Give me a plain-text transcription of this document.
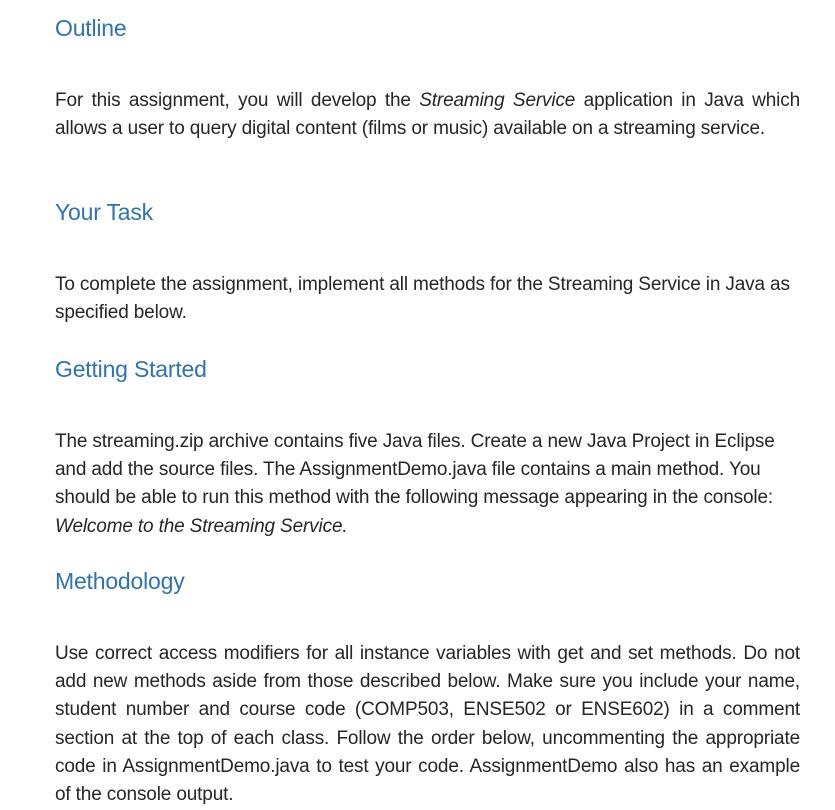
Outline

For this assignment, you will develop the Streaming Service application in Java which allows a user to query digital content (films or music) available on a streaming service.

Your Task

To complete the assignment, implement all methods for the Streaming Service in Java as specified below.

Getting Started

The streaming.zip archive contains five Java files. Create a new Java Project in Eclipse and add the source files. The AssignmentDemo.java file contains a main method. You should be able to run this method with the following message appearing in the console: Welcome to the Streaming Service.

Methodology

Use correct access modifiers for all instance variables with get and set methods. Do not add new methods aside from those described below. Make sure you include your name, student number and course code (COMP503, ENSE502 or ENSE602) in a comment section at the top of each class. Follow the order below, uncommenting the appropriate code in AssignmentDemo.java to test your code. AssignmentDemo also has an example of the console output.
